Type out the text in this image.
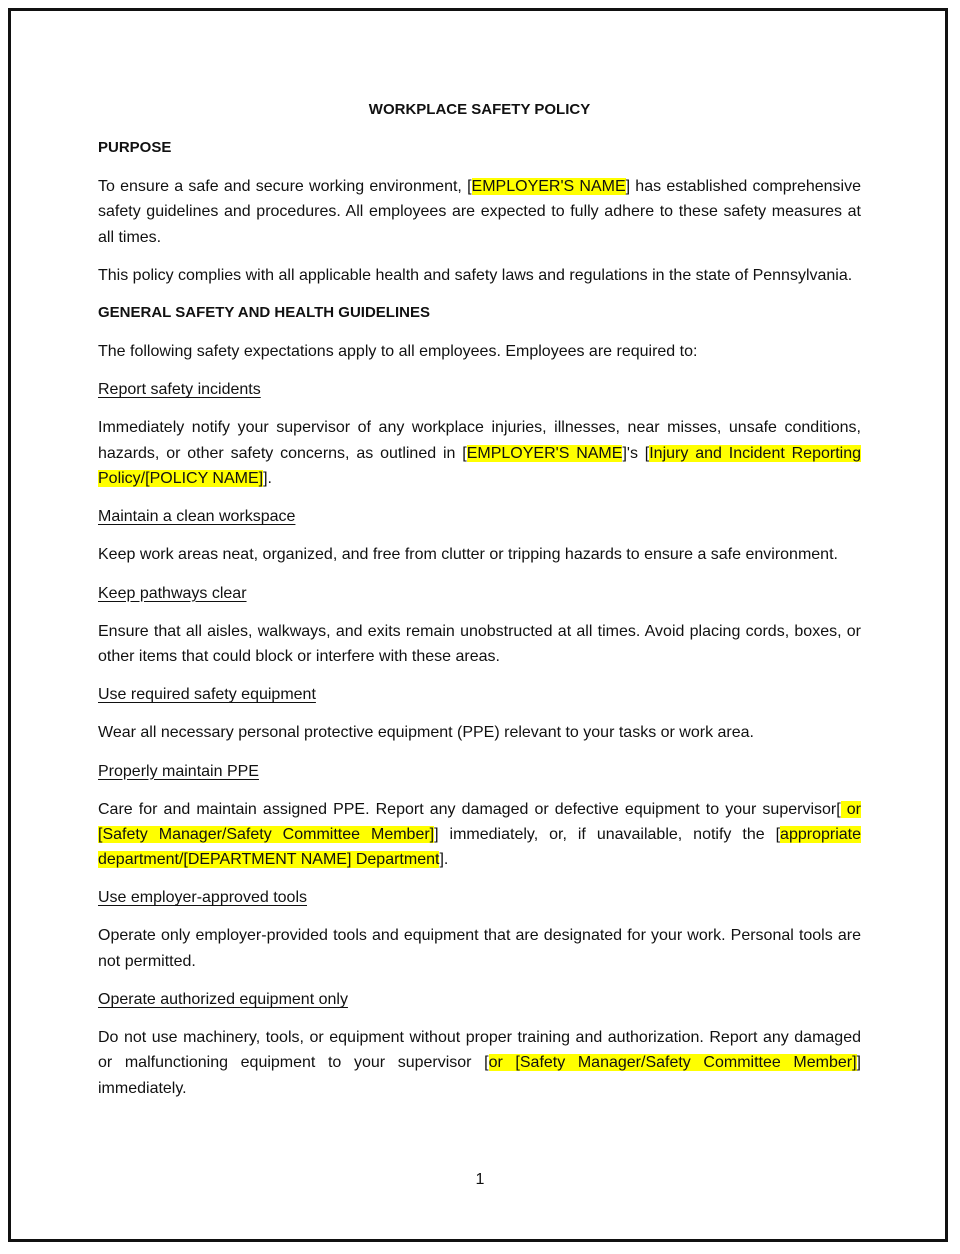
WORKPLACE SAFETY POLICY
PURPOSE

To ensure a safe and secure working environment, [EMPLOYER'S NAME] has established comprehensive safety guidelines and procedures. All employees are expected to fully adhere to these safety measures at all times.

This policy complies with all applicable health and safety laws and regulations in the state of Pennsylvania.

GENERAL SAFETY AND HEALTH GUIDELINES

The following safety expectations apply to all employees. Employees are required to:

Report safety incidents

Immediately notify your supervisor of any workplace injuries, illnesses, near misses, unsafe conditions, hazards, or other safety concerns, as outlined in [EMPLOYER'S NAME]'s [Injury and Incident Reporting Policy/[POLICY NAME]].

Maintain a clean workspace

Keep work areas neat, organized, and free from clutter or tripping hazards to ensure a safe environment.

Keep pathways clear

Ensure that all aisles, walkways, and exits remain unobstructed at all times. Avoid placing cords, boxes, or other items that could block or interfere with these areas.

Use required safety equipment

Wear all necessary personal protective equipment (PPE) relevant to your tasks or work area.

Properly maintain PPE

Care for and maintain assigned PPE. Report any damaged or defective equipment to your supervisor[ or [Safety Manager/Safety Committee Member]] immediately, or, if unavailable, notify the [appropriate department/[DEPARTMENT NAME] Department].

Use employer-approved tools

Operate only employer-provided tools and equipment that are designated for your work. Personal tools are not permitted.

Operate authorized equipment only

Do not use machinery, tools, or equipment without proper training and authorization. Report any damaged or malfunctioning equipment to your supervisor [or [Safety Manager/Safety Committee Member]] immediately.

1
